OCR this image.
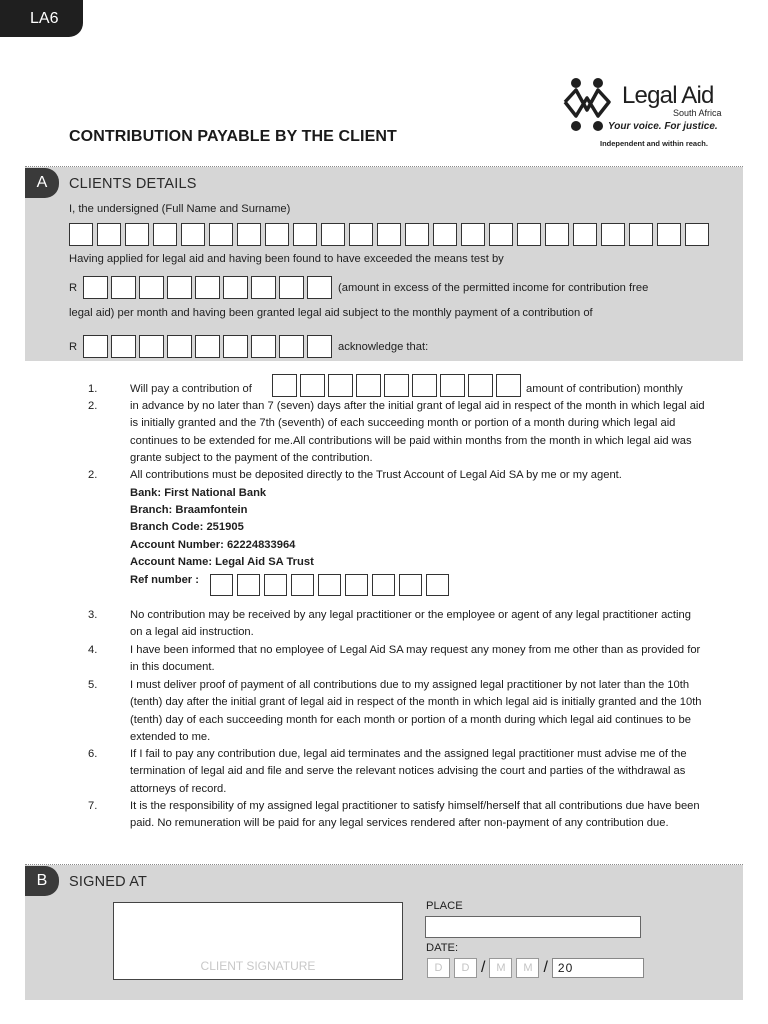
LA6
Legal Aid
South Africa
Your voice. For justice.
Independent and within reach.
CONTRIBUTION PAYABLE BY THE CLIENT
A	CLIENTS DETAILS
I, the undersigned (Full Name and Surname)
Having applied for legal aid and having been found to have exceeded the means test by
R	(amount in excess of the permitted income for contribution free
legal aid) per month and having been granted legal aid subject to the monthly payment of a contribution of
R	acknowledge that:
1.	Will pay a contribution of	amount of contribution) monthly
2.	in advance by no later than 7 (seven) days after the initial grant of legal aid in respect of the month in which legal aid is initially granted and the 7th (seventh) of each succeeding month or portion of a month during which legal aid continues to be extended for me.All contributions will be paid within months from the month in which legal aid was grante subject to the payment of the contribution.
2.	All contributions must be deposited directly to the Trust Account of Legal Aid SA by me or my agent.
Bank: First National Bank
Branch: Braamfontein
Branch Code: 251905
Account Number: 62224833964
Account Name: Legal Aid SA Trust
Ref number :
3.	No contribution may be received by any legal practitioner or the employee or agent of any legal practitioner acting on a legal aid instruction.
4.	I have been informed that no employee of Legal Aid SA may request any money from me other than as provided for in this document.
5.	I must deliver proof of payment of all contributions due to my assigned legal practitioner by not later than the 10th (tenth) day after the initial grant of legal aid in respect of the month in which legal aid is initially granted and the 10th (tenth) day of each succeeding month for each month or portion of a month during which legal aid continues to be extended to me.
6.	If I fail to pay any contribution due, legal aid terminates and the assigned legal practitioner must advise me of the termination of legal aid and file and serve the relevant notices advising the court and parties of the withdrawal as attorneys of record.
7.	It is the responsibility of my assigned legal practitioner to satisfy himself/herself that all contributions due have been paid. No remuneration will be paid for any legal services rendered after non-payment of any contribution due.
B	SIGNED AT
CLIENT SIGNATURE
PLACE
DATE:
D	D / M	M / 20
